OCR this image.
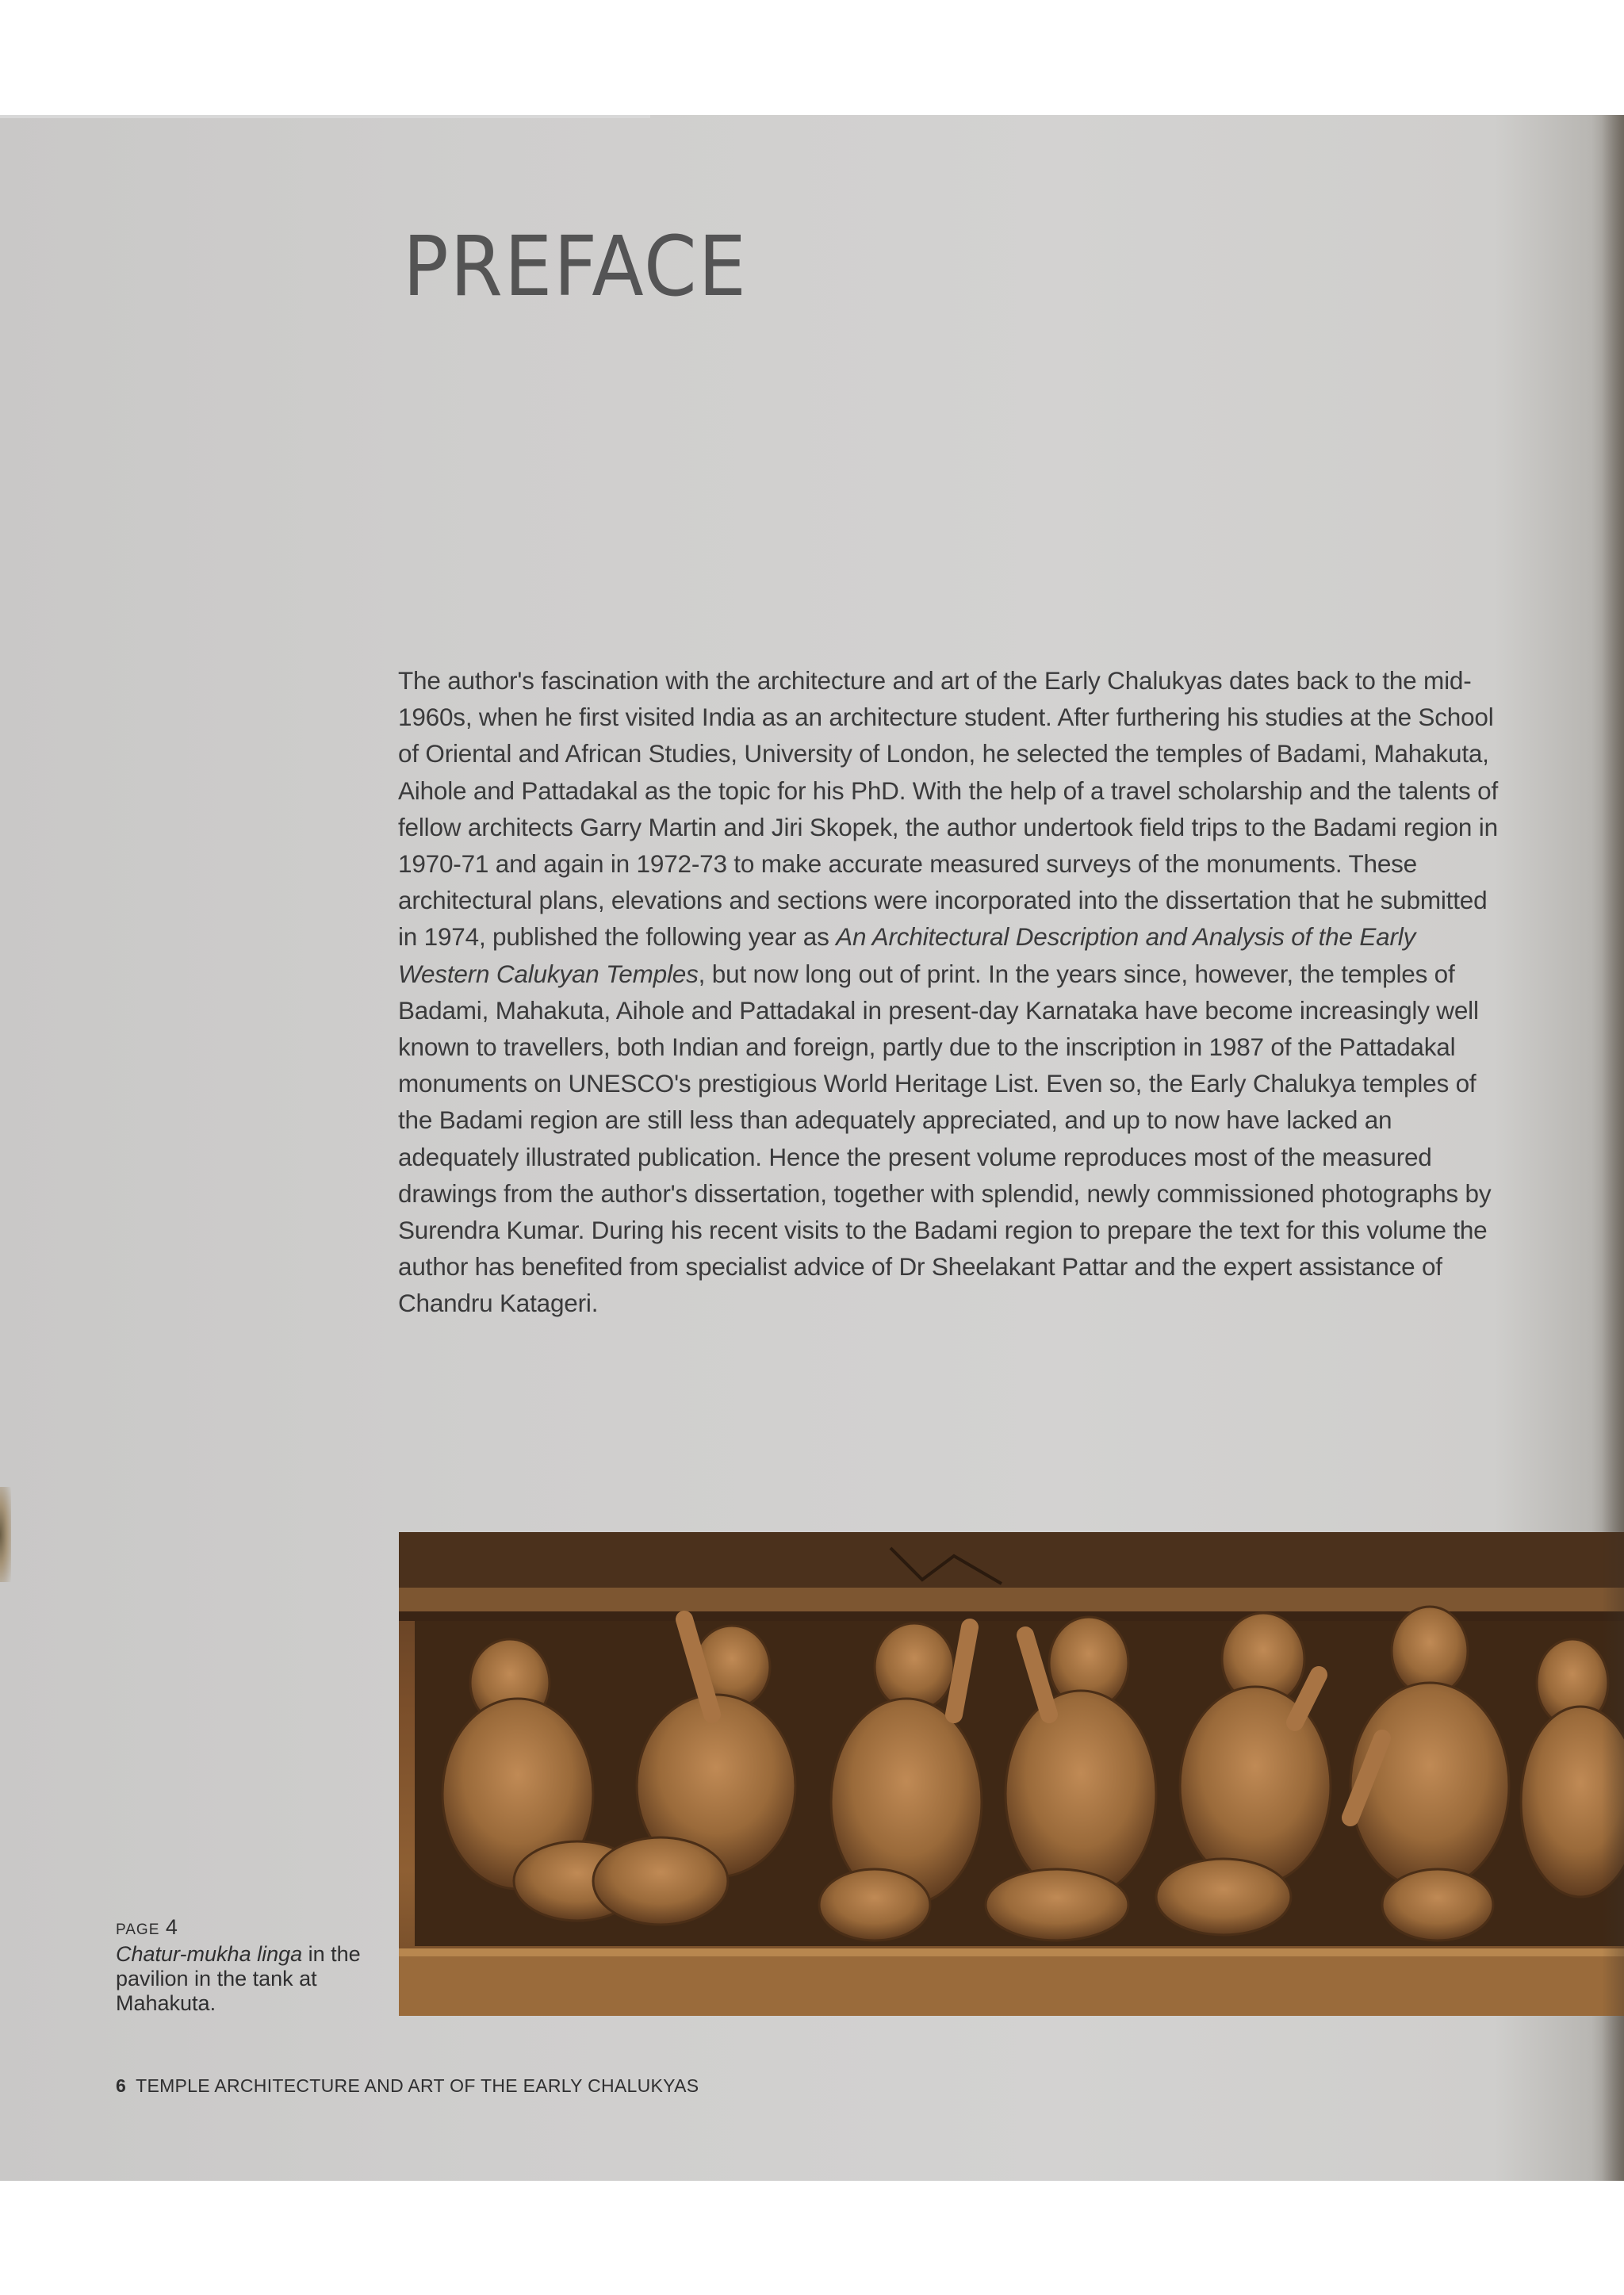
PREFACE

The author's fascination with the architecture and art of the Early Chalukyas dates back to the mid-1960s, when he first visited India as an architecture student. After furthering his studies at the School of Oriental and African Studies, University of London, he selected the temples of Badami, Mahakuta, Aihole and Pattadakal as the topic for his PhD. With the help of a travel scholarship and the talents of fellow architects Garry Martin and Jiri Skopek, the author undertook field trips to the Badami region in 1970-71 and again in 1972-73 to make accurate measured surveys of the monuments. These architectural plans, elevations and sections were incorporated into the dissertation that he submitted in 1974, published the following year as An Architectural Description and Analysis of the Early Western Calukyan Temples, but now long out of print. In the years since, however, the temples of Badami, Mahakuta, Aihole and Pattadakal in present-day Karnataka have become increasingly well known to travellers, both Indian and foreign, partly due to the inscription in 1987 of the Pattadakal monuments on UNESCO's prestigious World Heritage List. Even so, the Early Chalukya temples of the Badami region are still less than adequately appreciated, and up to now have lacked an adequately illustrated publication. Hence the present volume reproduces most of the measured drawings from the author's dissertation, together with splendid, newly commissioned photographs by Surendra Kumar. During his recent visits to the Badami region to prepare the text for this volume the author has benefited from specialist advice of Dr Sheelakant Pattar and the expert assistance of Chandru Katageri.

PAGE 4
Chatur-mukha linga in the pavilion in the tank at Mahakuta.
6 TEMPLE ARCHITECTURE AND ART OF THE EARLY CHALUKYAS
